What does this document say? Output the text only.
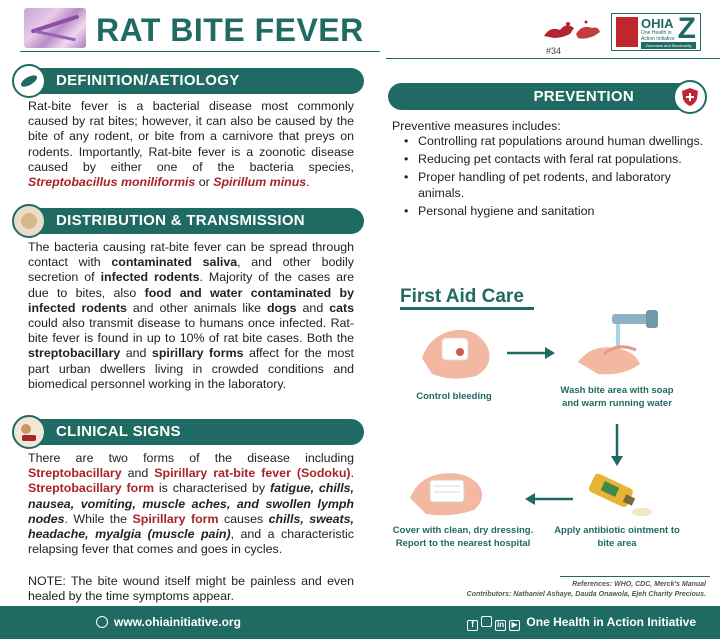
RAT BITE FEVER
#34
OHIA
One Health in Action Initiative
Zoonoses and Biosecurity Card
Z
DEFINITION/AETIOLOGY

Rat-bite fever is a bacterial disease most commonly caused by rat bites; however, it can also be caused by the bite of any rodent, or bite from a carnivore that preys on rodents. Importantly, Rat-bite fever is a zoonotic disease caused by either one of the bacteria species, Streptobacillus moniliformis or Spirillum minus.

DISTRIBUTION & TRANSMISSION

The bacteria causing rat-bite fever can be spread through contact with contaminated saliva, and other bodily secretion of infected rodents. Majority of the cases are due to bites, also food and water contaminated by infected rodents and other animals like dogs and cats could also transmit disease to humans once infected. Rat-bite fever is found in up to 10% of rat bite cases. Both the streptobacillary and spirillary forms affect for the most part urban dwellers living in crowded conditions and biomedical personnel working in the laboratory.

CLINICAL SIGNS

There are two forms of the disease including Streptobacillary and Spirillary rat-bite fever (Sodoku). Streptobacillary form is characterised by fatigue, chills, nausea, vomiting, muscle aches, and swollen lymph nodes. While the Spirillary form causes chills, sweats, headache, myalgia (muscle pain), and a characteristic relapsing fever that comes and goes in cycles.

NOTE: The bite wound itself might be painless and even healed by the time symptoms appear.

PREVENTION
Preventive measures includes:
• Controlling rat populations around human dwellings.
• Reducing pet contacts with feral rat populations.
• Proper handling of pet rodents, and laboratory animals.
• Personal hygiene and sanitation
First Aid Care
Control bleeding
Wash bite area with soap and warm running water
Apply antibiotic ointment to bite area
Cover with clean, dry dressing. Report to the nearest hospital
References: WHO, CDC, Merck's Manual
Contributors: Nathaniel Ashaye, Dauda Onawola, Ejeh Charity Precious.
www.ohiainitiative.org	f	in ▶ One Health in Action Initiative
